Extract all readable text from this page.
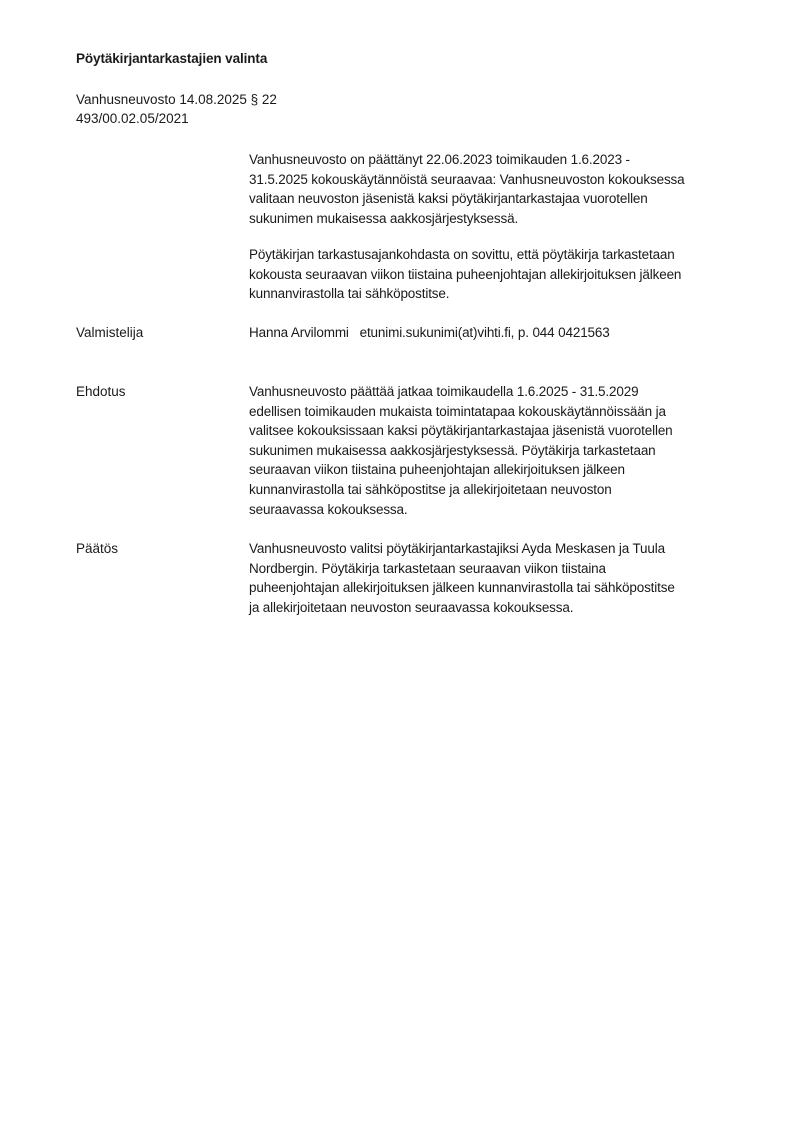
Pöytäkirjantarkastajien valinta
Vanhusneuvosto 14.08.2025 § 22
493/00.02.05/2021
Vanhusneuvosto on päättänyt 22.06.2023 toimikauden 1.6.2023 -
31.5.2025 kokouskäytännöistä seuraavaa: Vanhusneuvoston kokouksessa
valitaan neuvoston jäsenistä kaksi pöytäkirjantarkastajaa vuorotellen
sukunimen mukaisessa aakkosjärjestyksessä.
Pöytäkirjan tarkastusajankohdasta on sovittu, että pöytäkirja tarkastetaan
kokousta seuraavan viikon tiistaina puheenjohtajan allekirjoituksen jälkeen
kunnanvirastolla tai sähköpostitse.
Valmistelija	Hanna Arvilommi   etunimi.sukunimi(at)vihti.fi, p. 044 0421563
Ehdotus	Vanhusneuvosto päättää jatkaa toimikaudella 1.6.2025 - 31.5.2029
edellisen toimikauden mukaista toimintatapaa kokouskäytännöissään ja
valitsee kokouksissaan kaksi pöytäkirjantarkastajaa jäsenistä vuorotellen
sukunimen mukaisessa aakkosjärjestyksessä. Pöytäkirja tarkastetaan
seuraavan viikon tiistaina puheenjohtajan allekirjoituksen jälkeen
kunnanvirastolla tai sähköpostitse ja allekirjoitetaan neuvoston
seuraavassa kokouksessa.
Päätös	Vanhusneuvosto valitsi pöytäkirjantarkastajiksi Ayda Meskasen ja Tuula
Nordbergin. Pöytäkirja tarkastetaan seuraavan viikon tiistaina
puheenjohtajan allekirjoituksen jälkeen kunnanvirastolla tai sähköpostitse
ja allekirjoitetaan neuvoston seuraavassa kokouksessa.
